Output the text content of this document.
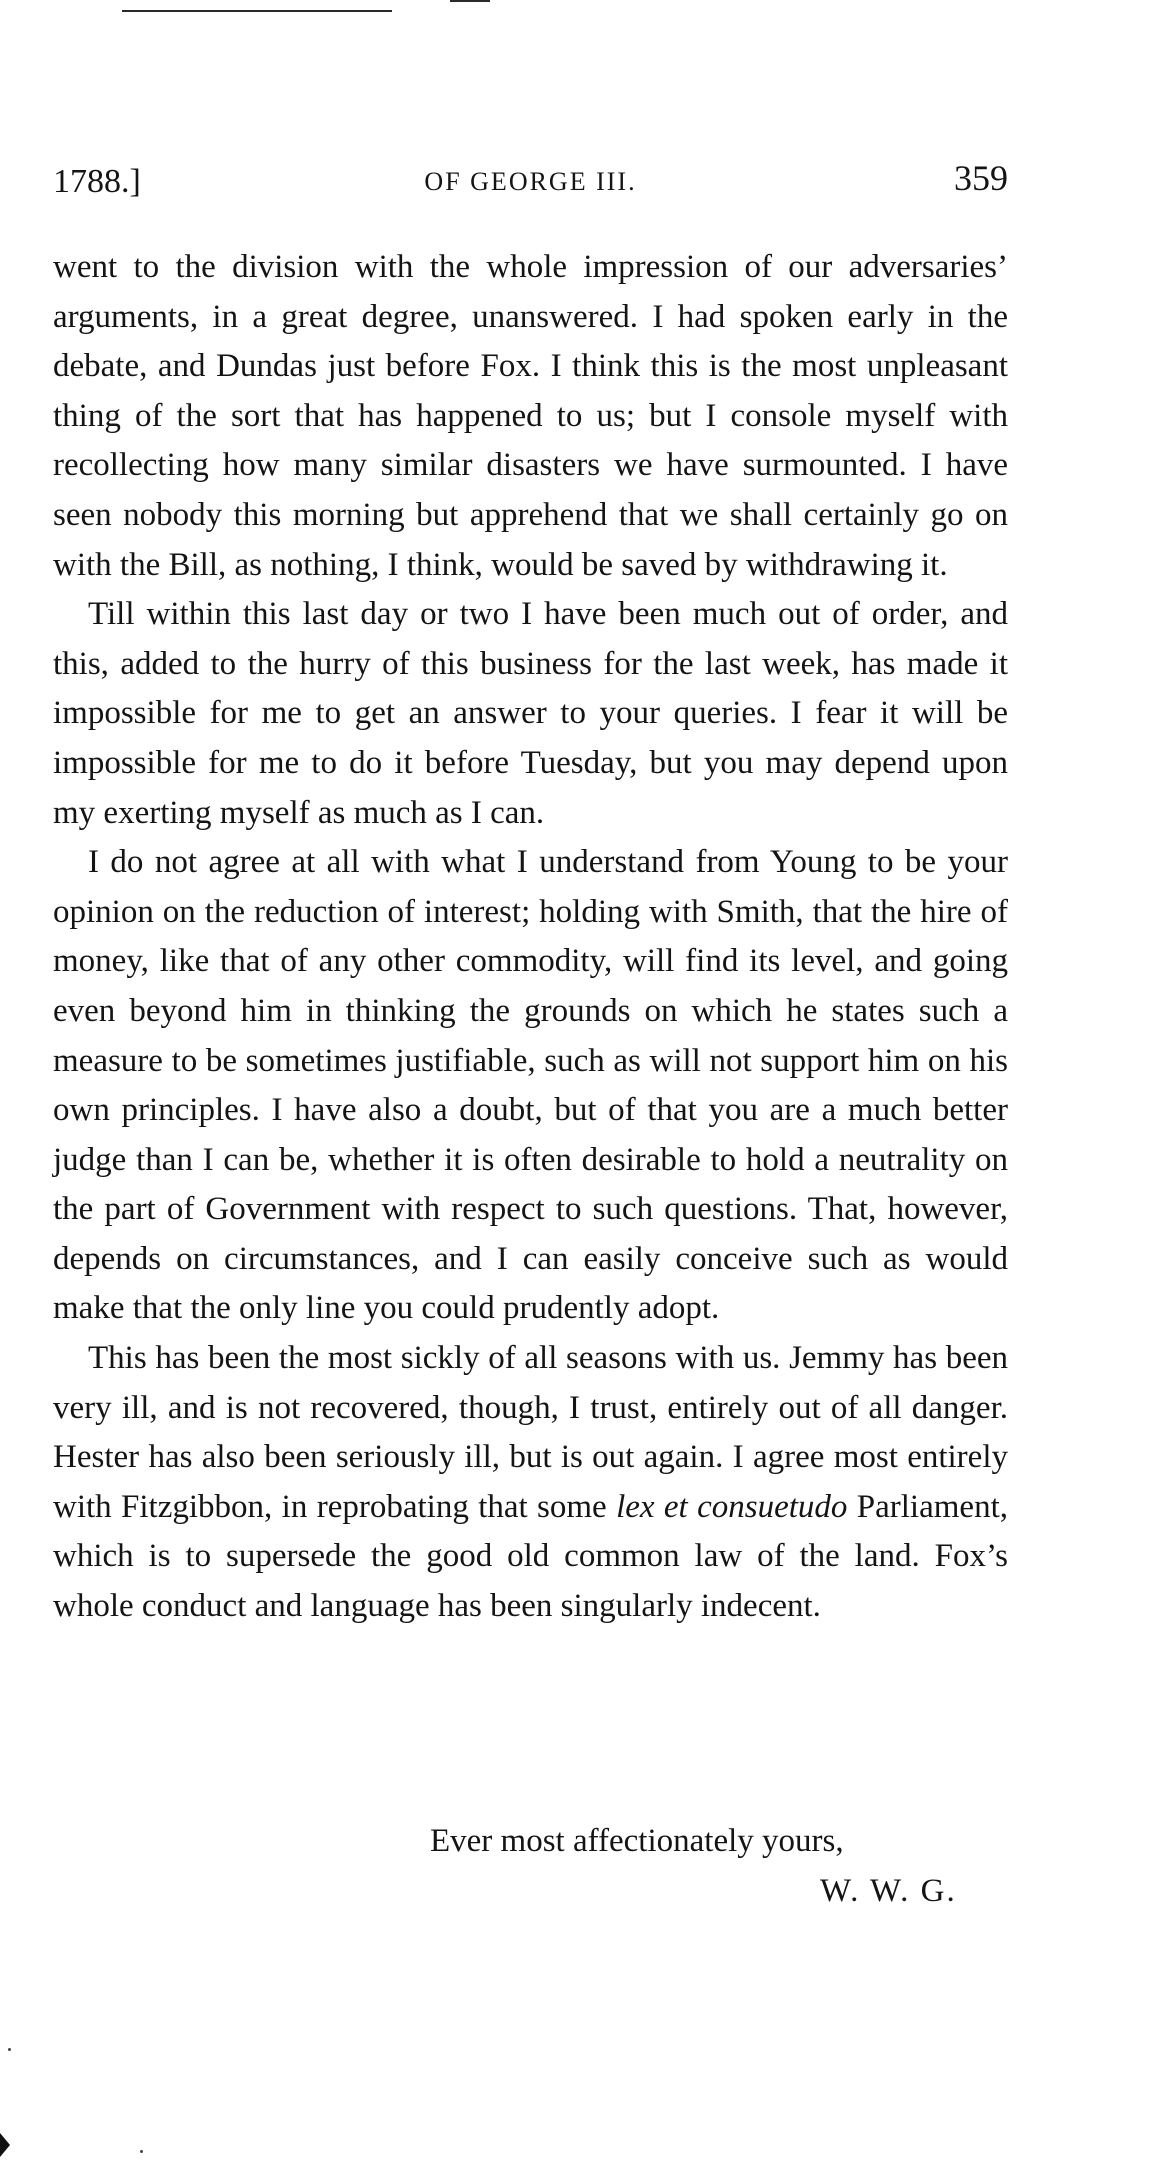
1788.]	OF GEORGE III.	359

went to the division with the whole impression of our adversaries’ arguments, in a great degree, unanswered. I had spoken early in the debate, and Dundas just before Fox. I think this is the most unpleasant thing of the sort that has happened to us; but I console myself with recollecting how many similar disasters we have surmounted. I have seen nobody this morning but apprehend that we shall certainly go on with the Bill, as nothing, I think, would be saved by withdrawing it.

Till within this last day or two I have been much out of order, and this, added to the hurry of this business for the last week, has made it impossible for me to get an answer to your queries. I fear it will be impossible for me to do it before Tuesday, but you may depend upon my exerting myself as much as I can.

I do not agree at all with what I understand from Young to be your opinion on the reduction of interest; holding with Smith, that the hire of money, like that of any other commodity, will find its level, and going even beyond him in thinking the grounds on which he states such a measure to be sometimes justifiable, such as will not support him on his own principles. I have also a doubt, but of that you are a much better judge than I can be, whether it is often desirable to hold a neutrality on the part of Government with respect to such questions. That, however, depends on circumstances, and I can easily conceive such as would make that the only line you could prudently adopt.

This has been the most sickly of all seasons with us. Jemmy has been very ill, and is not recovered, though, I trust, entirely out of all danger. Hester has also been seriously ill, but is out again. I agree most entirely with Fitzgibbon, in reprobating that some lex et consuetudo Parliament, which is to supersede the good old common law of the land. Fox’s whole conduct and language has been singularly indecent.

Ever most affectionately yours,
W. W. G.
